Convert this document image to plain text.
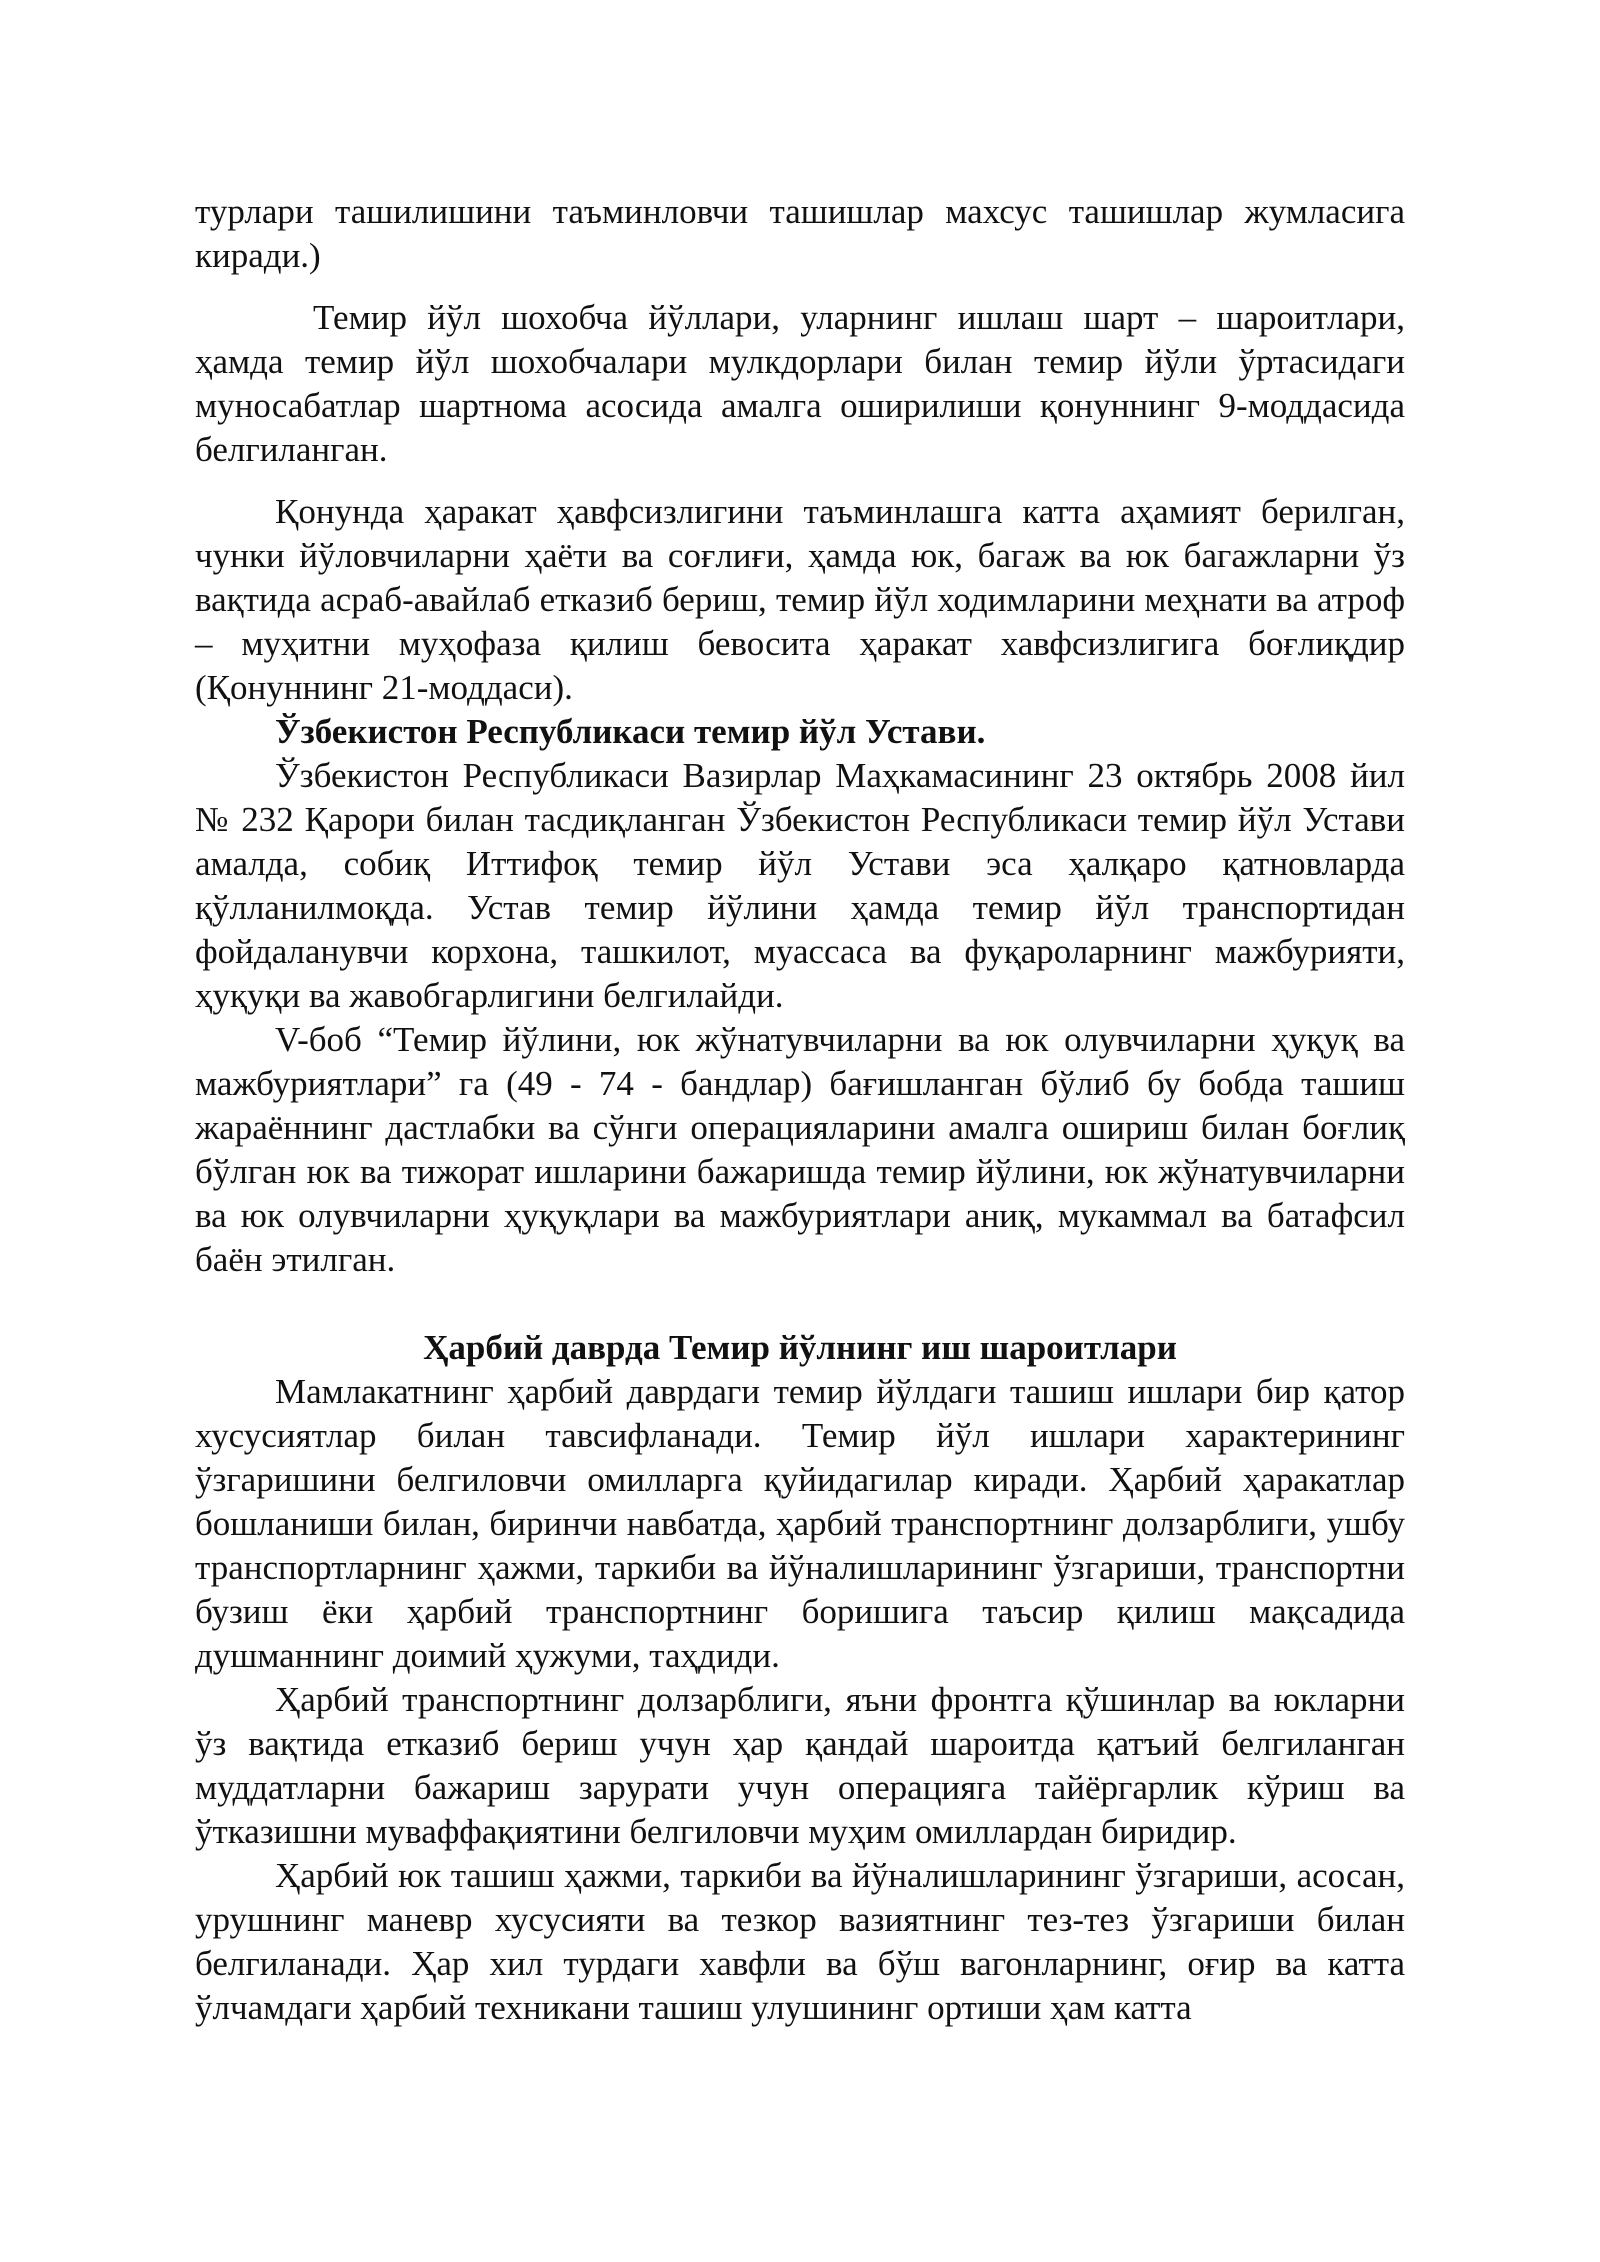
турлари ташилишини таъминловчи ташишлар махсус ташишлар жумласига киради.)

Темир йўл шохобча йўллари, уларнинг ишлаш шарт – шароитлари, ҳамда темир йўл шохобчалари мулкдорлари билан темир йўли ўртасидаги муносабатлар шартнома асосида амалга оширилиши қонуннинг 9-моддасида белгиланган.

Қонунда ҳаракат ҳавфсизлигини таъминлашга катта аҳамият берилган, чунки йўловчиларни ҳаёти ва соғлиғи, ҳамда юк, багаж ва юк багажларни ўз вақтида асраб-авайлаб етказиб бериш, темир йўл ходимларини меҳнати ва атроф – муҳитни муҳофаза қилиш бевосита ҳаракат хавфсизлигига боғлиқдир (Қонуннинг 21-моддаси).

Ўзбекистон Республикаси темир йўл Устави.

Ўзбекистон Республикаси Вазирлар Маҳкамасининг 23 октябрь 2008 йил № 232 Қарори билан тасдиқланган Ўзбекистон Республикаси темир йўл Устави амалда, собиқ Иттифоқ темир йўл Устави эса ҳалқаро қатновларда қўлланилмоқда. Устав темир йўлини ҳамда темир йўл транспортидан фойдаланувчи корхона, ташкилот, муассаса ва фуқароларнинг мажбурияти, ҳуқуқи ва жавобгарлигини белгилайди.

V-боб “Темир йўлини, юк жўнатувчиларни ва юк олувчиларни ҳуқуқ ва мажбуриятлари” га (49 - 74 - бандлар) бағишланган бўлиб бу бобда ташиш жараённинг дастлабки ва сўнги операцияларини амалга ошириш билан боғлиқ бўлган юк ва тижорат ишларини бажаришда темир йўлини, юк жўнатувчиларни ва юк олувчиларни ҳуқуқлари ва мажбуриятлари аниқ, мукаммал ва батафсил баён этилган.

Ҳарбий даврда Темир йўлнинг иш шароитлари

Мамлакатнинг ҳарбий даврдаги темир йўлдаги ташиш ишлари бир қатор хусусиятлар билан тавсифланади. Темир йўл ишлари характерининг ўзгаришини белгиловчи омилларга қуйидагилар киради. Ҳарбий ҳаракатлар бошланиши билан, биринчи навбатда, ҳарбий транспортнинг долзарблиги, ушбу транспортларнинг ҳажми, таркиби ва йўналишларининг ўзгариши, транспортни бузиш ёки ҳарбий транспортнинг боришига таъсир қилиш мақсадида душманнинг доимий ҳужуми, таҳдиди.

Ҳарбий транспортнинг долзарблиги, яъни фронтга қўшинлар ва юкларни ўз вақтида етказиб бериш учун ҳар қандай шароитда қатъий белгиланган муддатларни бажариш зарурати учун операцияга тайёргарлик кўриш ва ўтказишни муваффақиятини белгиловчи муҳим омиллардан биридир.

Ҳарбий юк ташиш ҳажми, таркиби ва йўналишларининг ўзгариши, асосан, урушнинг маневр хусусияти ва тезкор вазиятнинг тез-тез ўзгариши билан белгиланади. Ҳар хил турдаги хавфли ва бўш вагонларнинг, оғир ва катта ўлчамдаги ҳарбий техникани ташиш улушининг ортиши ҳам катта
